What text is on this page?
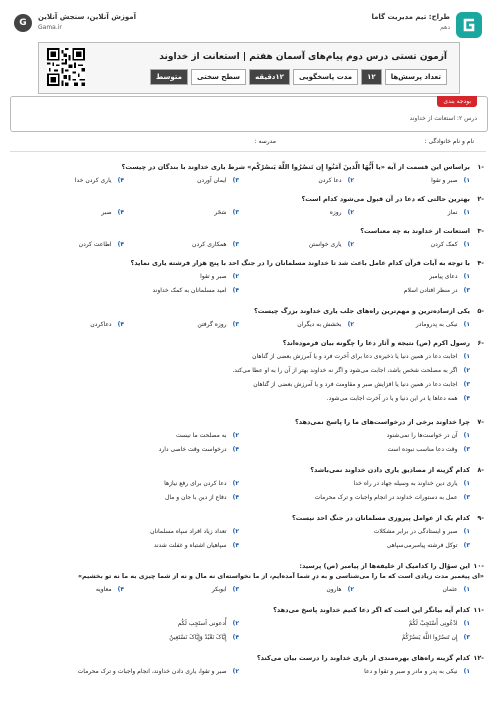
طراح: تیم مدیریت گاما
دهم
G
آموزش آنلاین، سنجش آنلاین
Gama.ir
آزمون تستی درس دوم پیام‌های آسمان هفتم | استعانت از خداوند
تعداد پرسش‌ها
۱۲
مدت پاسخگویی
۱۲دقیقه
سطح سختی
متوسط
بودجه بندی
درس ۲: استعانت از خداوند
نام و نام خانوادگی :
مدرسه :
-۱
براساس این قسمت از آیه «یا أَیُّهَا الَّذینَ آمَنُوا إِن تَنصُرُوا اللَّهَ یَنصُرْکُم» شرط یاری خداوند با بندگان در چیست؟
۱)صبر و تقوا
۲)دعا کردن
۳)ایمان آوردن
۴)یاری کردن خدا
-۲
بهترین حالتی که دعا در آن قبول می‌شود کدام است؟
۱)نماز
۲)روزه
۳)سَحَر
۴)صبر
-۳
استعانت از خداوند به چه معناست؟
۱)کمک کردن
۲)یاری خواستن
۳)همکاری کردن
۴)اطاعت کردن
-۴
با توجه به آیات قرآن کدام عامل باعث شد تا خداوند مسلمانان را در جنگ احد با پنج هزار فرشته یاری نماید؟
۱)دعای پیامبر
۲)صبر و تقوا
۳)در منظر افتادن اسلام
۴)امید مسلمانان به کمک خداوند
-۵
یکی ازساده‌ترین و مهم‌ترین راه‌های جلب یاری خداوند بزرگ چیست؟
۱)نیکی به پدرومادر
۲)بخشش به دیگران
۳)روزه گرفتن
۴)دعاکردن
-۶
رسول اکرم (ص) نتیجه و آثار دعا را چگونه بیان فرموده‌اند؟
۱)اجابت دعا در همین دنیا یا ذخیره‌ی دعا برای آخرت فرد و یا آمرزش بعضی از گناهان
۲)اگر به مصلحت شخص باشد، اجابت می‌شود و اگر نه خداوند بهتر از آن را به او عطا می‌کند.
۳)اجابت دعا در همین دنیا یا افزایش صبر و مقاومت فرد و یا آمرزش بعضی از گناهان
۴)همه دعاها یا در این دنیا و یا در آخرت اجابت می‌شود.
-۷
چرا خداوند برخی از درخواست‌های ما را پاسخ نمی‌دهد؟
۱)آن در خواست‌ها را نمی‌شنود
۲)به مصلحت ما نیست
۳)وقت دعا مناسب نبوده است
۴)درخواست وقت خاصی دارد
-۸
کدام گزینه از مصادیق یاری دادن خداوند نمی‌باشد؟
۱)یاری دین خداوند به وسیله جهاد در راه خدا
۲)دعا کردن برای رفع نیازها
۳)عمل به دستورات خداوند در انجام واجبات و ترک محرمات
۴)دفاع از دین با جان و مال
-۹
کدام یک از عوامل پیروزی مسلمانان در جنگ احد نیست؟
۱)صبر و ایستادگی در برابر مشکلات
۲)تعداد زیاد افراد سپاه مسلمانان
۳)توکل فرشته پیامبرمی‌سپاهی
۴)سپاهیان اشتباه و غفلت شدند
-۱۰
این سؤال را کدامیک از خلیفه‌ها از پیامبر (ص) پرسید:
«ای پیغمبر مدت زیادی است که ما را می‌شناسی و به درِ شما آمده‌ایم، از ما نخواسته‌ای نه مال و نه از شما چیزی به ما نه تو بخشیم»
۱)عثمان
۲)هارون
۳)ابوبکر
۴)معاویه
-۱۱
کدام آیه بیانگر این است که اگر دعا کنیم خداوند پاسخ می‌دهد؟
۱)ادْعُونِی أَسْتَجِبْ لَکُمْ
۲)أُدعونی اَستَجِب لَکُم
۳)إِن تَنصُرُوا اللَّهَ یَنصُرْکُمْ
۴)إِیَّاکَ نَعْبُدُ وَإِیَّاکَ نَسْتَعِینُ
-۱۲
کدام گزینه راه‌های بهره‌مندی از یاری خداوند را درست بیان می‌کند؟
۱)نیکی به پدر و مادر و صبر و تقوا و دعا
۲)صبر و تقوا، یاری دادن خداوند، انجام واجبات و ترک محرمات
